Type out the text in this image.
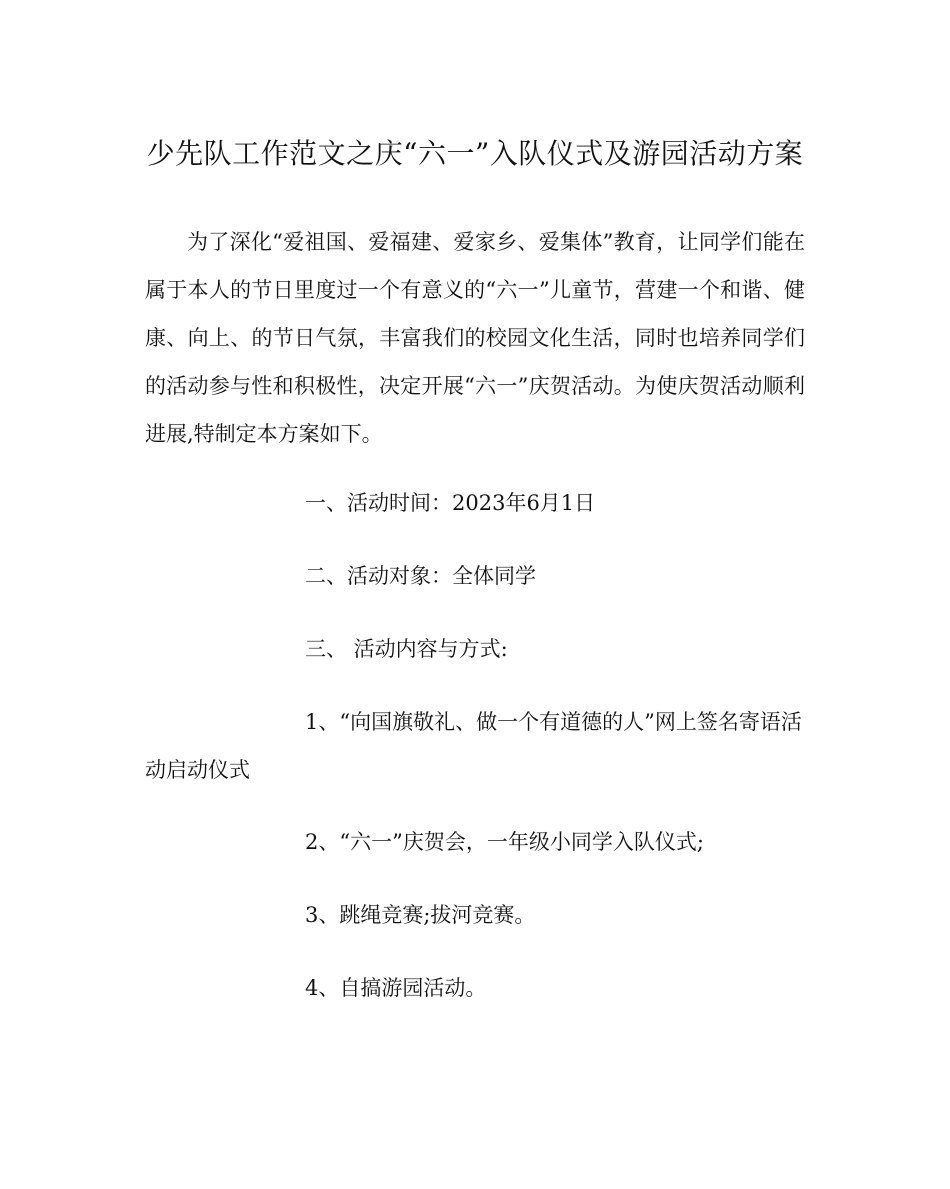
少先队工作范文之庆“六一”入队仪式及游园活动方案
为了深化“爱祖国、爱福建、爱家乡、爱集体”教育，让同学们能在属于本人的节日里度过一个有意义的“六一”儿童节，营建一个和谐、健康、向上、的节日气氛，丰富我们的校园文化生活，同时也培养同学们的活动参与性和积极性，决定开展“六一”庆贺活动。为使庆贺活动顺利进展,特制定本方案如下。
一、活动时间：2023年6月1日
二、活动对象：全体同学
三、 活动内容与方式:
1、“向国旗敬礼、做一个有道德的人”网上签名寄语活动启动仪式
2、“六一”庆贺会，一年级小同学入队仪式;
3、跳绳竞赛;拔河竞赛。
4、自搞游园活动。
